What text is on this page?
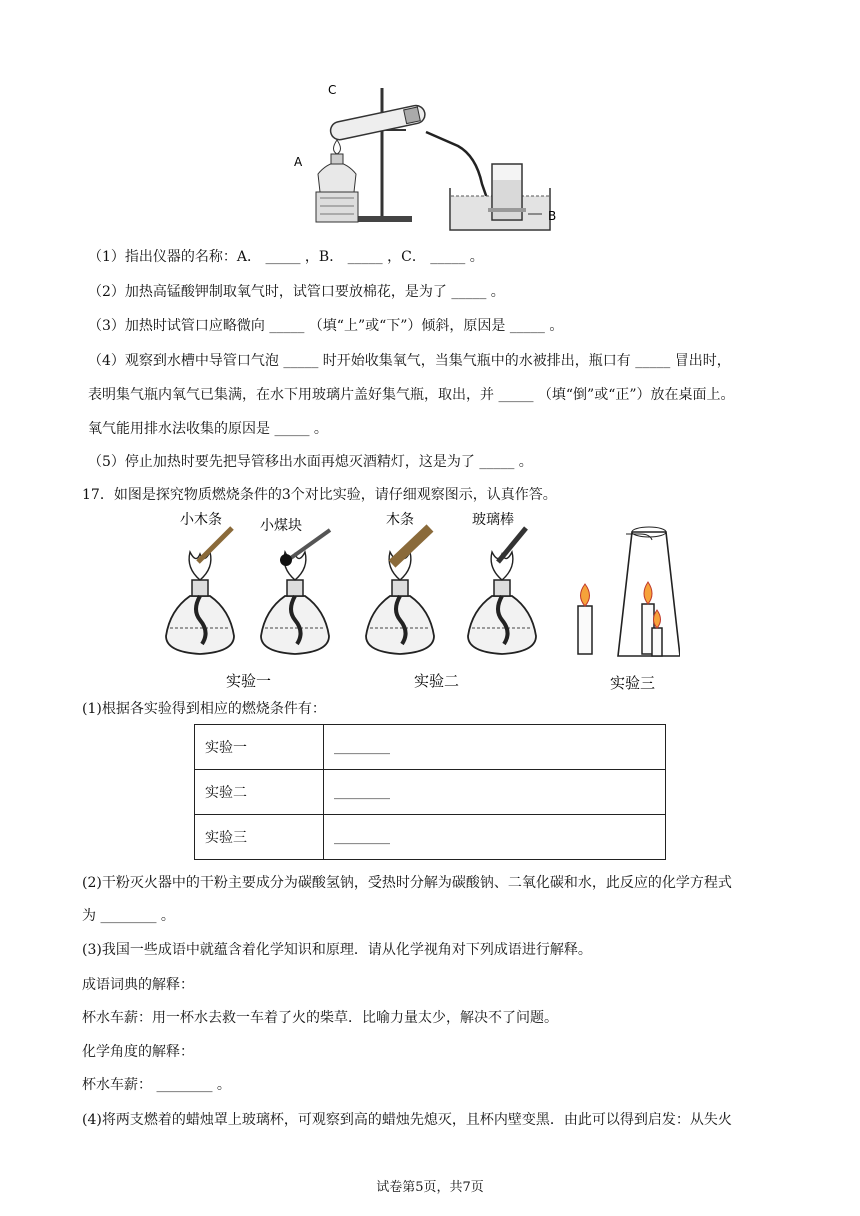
C
A
B
（1）指出仪器的名称：A． _____ ，B． _____ ，C． _____ 。
（2）加热高锰酸钾制取氧气时，试管口要放棉花，是为了 _____ 。
（3）加热时试管口应略微向 _____ （填“上”或“下”）倾斜，原因是 _____ 。
（4）观察到水槽中导管口气泡 _____ 时开始收集氧气，当集气瓶中的水被排出，瓶口有 _____ 冒出时，
表明集气瓶内氧气已集满，在水下用玻璃片盖好集气瓶，取出，并 _____ （填“倒”或“正”）放在桌面上。
氧气能用排水法收集的原因是 _____ 。
（5）停止加热时要先把导管移出水面再熄灭酒精灯，这是为了 _____ 。
17．如图是探究物质燃烧条件的3个对比实验，请仔细观察图示，认真作答。
小木条	小煤块	木条	玻璃棒
实验一	实验二	实验三
(1)根据各实验得到相应的燃烧条件有：
实验一	________
实验二	________
实验三	________
(2)干粉灭火器中的干粉主要成分为碳酸氢钠，受热时分解为碳酸钠、二氧化碳和水，此反应的化学方程式
为 ________ 。
(3)我国一些成语中就蕴含着化学知识和原理．请从化学视角对下列成语进行解释。
成语词典的解释：
杯水车薪：用一杯水去救一车着了火的柴草．比喻力量太少，解决不了问题。
化学角度的解释：
杯水车薪： ________ 。
(4)将两支燃着的蜡烛罩上玻璃杯，可观察到高的蜡烛先熄灭，且杯内壁变黑．由此可以得到启发：从失火
试卷第5页，共7页
